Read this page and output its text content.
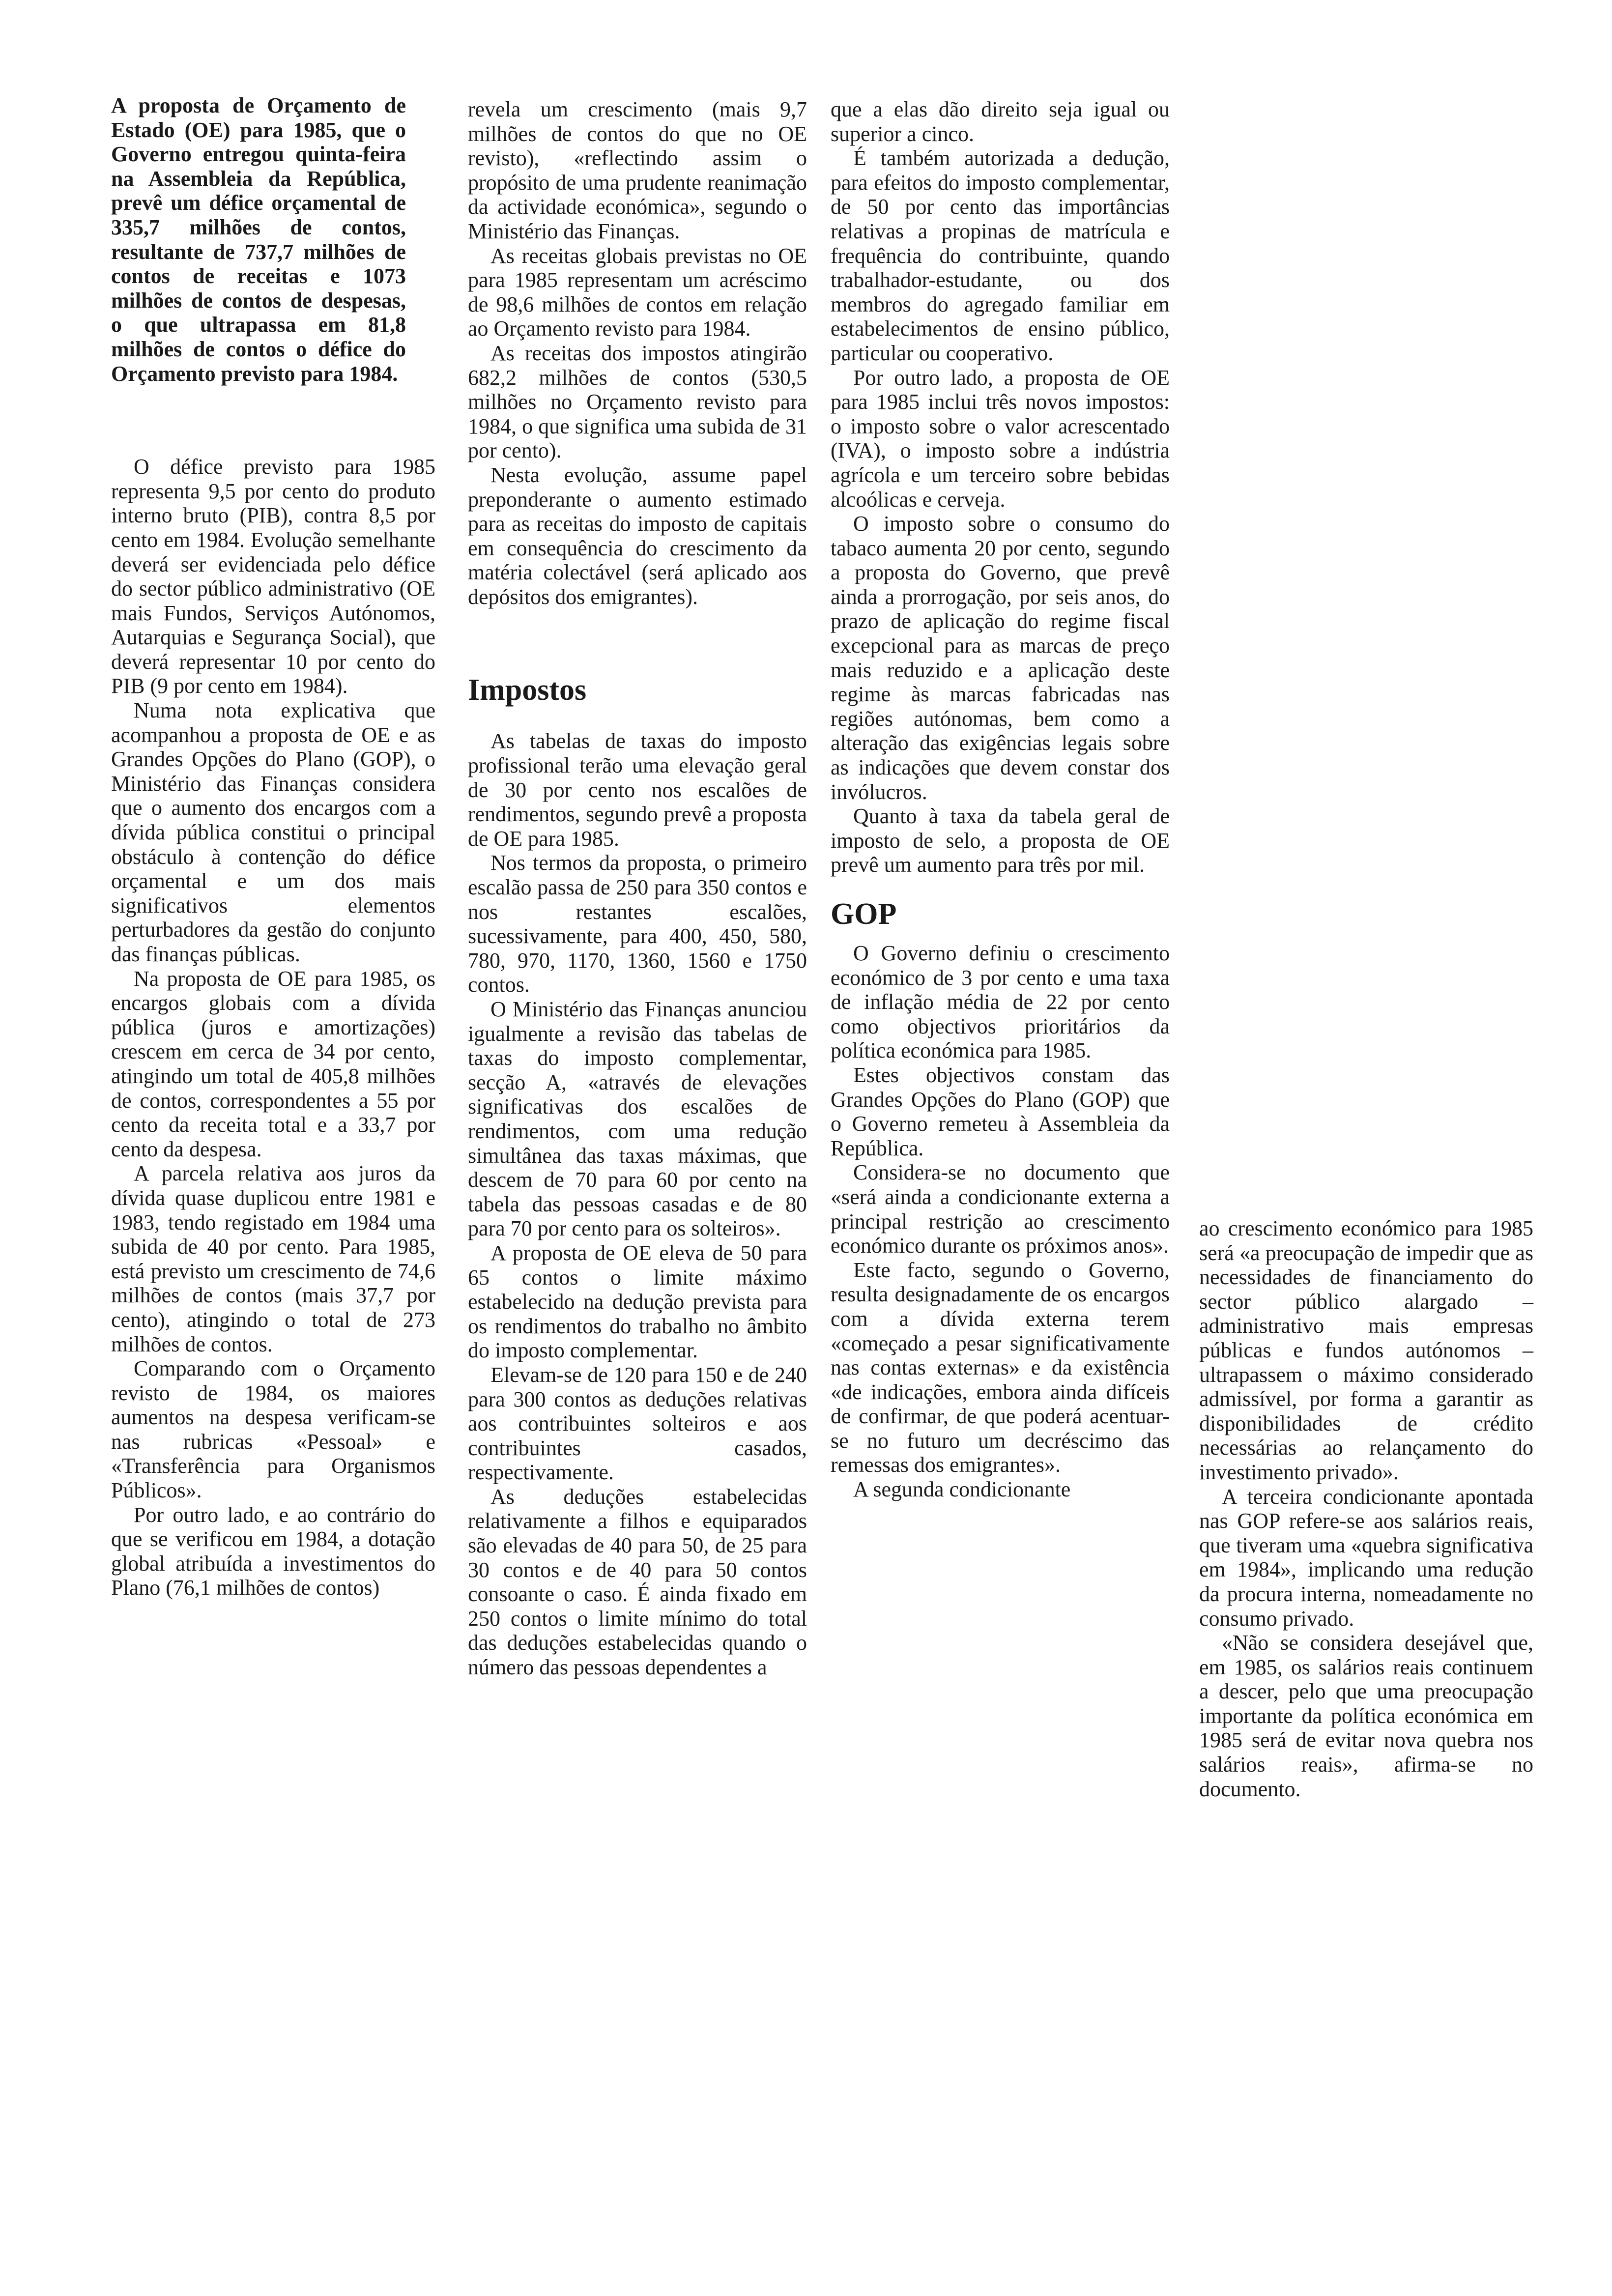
A proposta de Orçamento de Estado (OE) para 1985, que o Governo entregou quinta-feira na Assembleia da República, prevê um défice orçamental de 335,7 milhões de contos, resultante de 737,7 milhões de contos de receitas e 1073 milhões de contos de despesas, o que ultrapassa em 81,8 milhões de contos o défice do Orçamento previsto para 1984.

O défice previsto para 1985 representa 9,5 por cento do produto interno bruto (PIB), contra 8,5 por cento em 1984. Evolução semelhante deverá ser evidenciada pelo défice do sector público administrativo (OE mais Fundos, Serviços Autónomos, Autarquias e Segurança Social), que deverá representar 10 por cento do PIB (9 por cento em 1984).

Numa nota explicativa que acompanhou a proposta de OE e as Grandes Opções do Plano (GOP), o Ministério das Finanças considera que o aumento dos encargos com a dívida pública constitui o principal obstáculo à contenção do défice orçamental e um dos mais significativos elementos perturbadores da gestão do conjunto das finanças públicas.

Na proposta de OE para 1985, os encargos globais com a dívida pública (juros e amortizações) crescem em cerca de 34 por cento, atingindo um total de 405,8 milhões de contos, correspondentes a 55 por cento da receita total e a 33,7 por cento da despesa.

A parcela relativa aos juros da dívida quase duplicou entre 1981 e 1983, tendo registado em 1984 uma subida de 40 por cento. Para 1985, está previsto um crescimento de 74,6 milhões de contos (mais 37,7 por cento), atingindo o total de 273 milhões de contos.

Comparando com o Orçamento revisto de 1984, os maiores aumentos na despesa verificam-se nas rubricas «Pessoal» e «Transferência para Organismos Públicos».

Por outro lado, e ao contrário do que se verificou em 1984, a dotação global atribuída a investimentos do Plano (76,1 milhões de contos)

revela um crescimento (mais 9,7 milhões de contos do que no OE revisto), «reflectindo assim o propósito de uma prudente reanimação da actividade económica», segundo o Ministério das Finanças.

As receitas globais previstas no OE para 1985 representam um acréscimo de 98,6 milhões de contos em relação ao Orçamento revisto para 1984.

As receitas dos impostos atingirão 682,2 milhões de contos (530,5 milhões no Orçamento revisto para 1984, o que significa uma subida de 31 por cento).

Nesta evolução, assume papel preponderante o aumento estimado para as receitas do imposto de capitais em consequência do crescimento da matéria colectável (será aplicado aos depósitos dos emigrantes).

Impostos

As tabelas de taxas do imposto profissional terão uma elevação geral de 30 por cento nos escalões de rendimentos, segundo prevê a proposta de OE para 1985.

Nos termos da proposta, o primeiro escalão passa de 250 para 350 contos e nos restantes escalões, sucessivamente, para 400, 450, 580, 780, 970, 1170, 1360, 1560 e 1750 contos.

O Ministério das Finanças anunciou igualmente a revisão das tabelas de taxas do imposto complementar, secção A, «através de elevações significativas dos escalões de rendimentos, com uma redução simultânea das taxas máximas, que descem de 70 para 60 por cento na tabela das pessoas casadas e de 80 para 70 por cento para os solteiros».

A proposta de OE eleva de 50 para 65 contos o limite máximo estabelecido na dedução prevista para os rendimentos do trabalho no âmbito do imposto complementar.

Elevam-se de 120 para 150 e de 240 para 300 contos as deduções relativas aos contribuintes solteiros e aos contribuintes casados, respectivamente.

As deduções estabelecidas relativamente a filhos e equiparados são elevadas de 40 para 50, de 25 para 30 contos e de 40 para 50 contos consoante o caso. É ainda fixado em 250 contos o limite mínimo do total das deduções estabelecidas quando o número das pessoas dependentes a

que a elas dão direito seja igual ou superior a cinco.

É também autorizada a dedução, para efeitos do imposto complementar, de 50 por cento das importâncias relativas a propinas de matrícula e frequência do contribuinte, quando trabalhador-estudante, ou dos membros do agregado familiar em estabelecimentos de ensino público, particular ou cooperativo.

Por outro lado, a proposta de OE para 1985 inclui três novos impostos: o imposto sobre o valor acrescentado (IVA), o imposto sobre a indústria agrícola e um terceiro sobre bebidas alcoólicas e cerveja.

O imposto sobre o consumo do tabaco aumenta 20 por cento, segundo a proposta do Governo, que prevê ainda a prorrogação, por seis anos, do prazo de aplicação do regime fiscal excepcional para as marcas de preço mais reduzido e a aplicação deste regime às marcas fabricadas nas regiões autónomas, bem como a alteração das exigências legais sobre as indicações que devem constar dos invólucros.

Quanto à taxa da tabela geral de imposto de selo, a proposta de OE prevê um aumento para três por mil.

GOP

O Governo definiu o crescimento económico de 3 por cento e uma taxa de inflação média de 22 por cento como objectivos prioritários da política económica para 1985.

Estes objectivos constam das Grandes Opções do Plano (GOP) que o Governo remeteu à Assembleia da República.

Considera-se no documento que «será ainda a condicionante externa a principal restrição ao crescimento económico durante os próximos anos».

Este facto, segundo o Governo, resulta designadamente de os encargos com a dívida externa terem «começado a pesar significativamente nas contas externas» e da existência «de indicações, embora ainda difíceis de confirmar, de que poderá acentuar-se no futuro um decréscimo das remessas dos emigrantes».

A segunda condicionante

ao crescimento económico para 1985 será «a preocupação de impedir que as necessidades de financiamento do sector público alargado – administrativo mais empresas públicas e fundos autónomos – ultrapassem o máximo considerado admissível, por forma a garantir as disponibilidades de crédito necessárias ao relançamento do investimento privado».

A terceira condicionante apontada nas GOP refere-se aos salários reais, que tiveram uma «quebra significativa em 1984», implicando uma redução da procura interna, nomeadamente no consumo privado.

«Não se considera desejável que, em 1985, os salários reais continuem a descer, pelo que uma preocupação importante da política económica em 1985 será de evitar nova quebra nos salários reais», afirma-se no documento.
